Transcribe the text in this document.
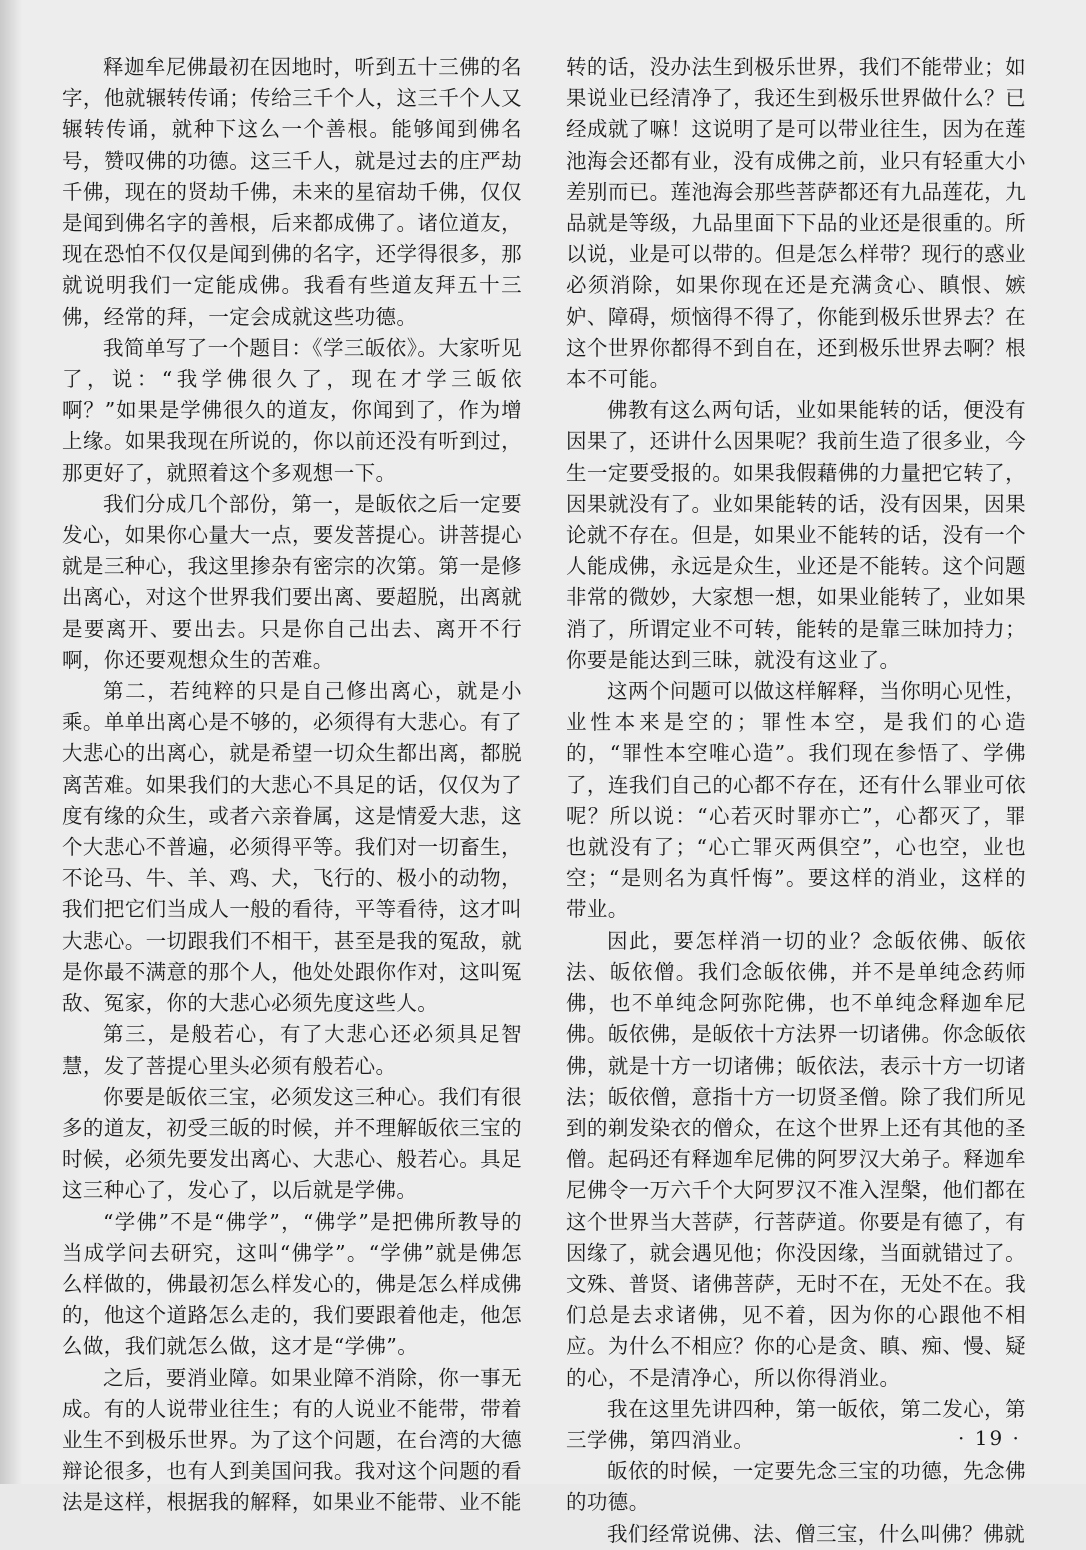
释迦牟尼佛最初在因地时，听到五十三佛的名字，他就辗转传诵；传给三千个人，这三千个人又辗转传诵，就种下这么一个善根。能够闻到佛名号，赞叹佛的功德。这三千人，就是过去的庄严劫千佛，现在的贤劫千佛，未来的星宿劫千佛，仅仅是闻到佛名字的善根，后来都成佛了。诸位道友，现在恐怕不仅仅是闻到佛的名字，还学得很多，那就说明我们一定能成佛。我看有些道友拜五十三佛，经常的拜，一定会成就这些功德。

我简单写了一个题目：《学三皈依》。大家听见了，说：“我学佛很久了，现在才学三皈依啊？”如果是学佛很久的道友，你闻到了，作为增上缘。如果我现在所说的，你以前还没有听到过，那更好了，就照着这个多观想一下。

我们分成几个部份，第一，是皈依之后一定要发心，如果你心量大一点，要发菩提心。讲菩提心就是三种心，我这里掺杂有密宗的次第。第一是修出离心，对这个世界我们要出离、要超脱，出离就是要离开、要出去。只是你自己出去、离开不行啊，你还要观想众生的苦难。

第二，若纯粹的只是自己修出离心，就是小乘。单单出离心是不够的，必须得有大悲心。有了大悲心的出离心，就是希望一切众生都出离，都脱离苦难。如果我们的大悲心不具足的话，仅仅为了度有缘的众生，或者六亲眷属，这是情爱大悲，这个大悲心不普遍，必须得平等。我们对一切畜生，不论马、牛、羊、鸡、犬，飞行的、极小的动物，我们把它们当成人一般的看待，平等看待，这才叫大悲心。一切跟我们不相干，甚至是我的冤敌，就是你最不满意的那个人，他处处跟你作对，这叫冤敌、冤家，你的大悲心必须先度这些人。

第三，是般若心，有了大悲心还必须具足智慧，发了菩提心里头必须有般若心。

你要是皈依三宝，必须发这三种心。我们有很多的道友，初受三皈的时候，并不理解皈依三宝的时候，必须先要发出离心、大悲心、般若心。具足这三种心了，发心了，以后就是学佛。

“学佛”不是“佛学”，“佛学”是把佛所教导的当成学问去研究，这叫“佛学”。“学佛”就是佛怎么样做的，佛最初怎么样发心的，佛是怎么样成佛的，他这个道路怎么走的，我们要跟着他走，他怎么做，我们就怎么做，这才是“学佛”。

之后，要消业障。如果业障不消除，你一事无成。有的人说带业往生；有的人说业不能带，带着业生不到极乐世界。为了这个问题，在台湾的大德辩论很多，也有人到美国问我。我对这个问题的看法是这样，根据我的解释，如果业不能带、业不能

转的话，没办法生到极乐世界，我们不能带业；如果说业已经清净了，我还生到极乐世界做什么？已经成就了嘛！这说明了是可以带业往生，因为在莲池海会还都有业，没有成佛之前，业只有轻重大小差别而已。莲池海会那些菩萨都还有九品莲花，九品就是等级，九品里面下下品的业还是很重的。所以说，业是可以带的。但是怎么样带？现行的惑业必须消除，如果你现在还是充满贪心、瞋恨、嫉妒、障碍，烦恼得不得了，你能到极乐世界去？在这个世界你都得不到自在，还到极乐世界去啊？根本不可能。

佛教有这么两句话，业如果能转的话，便没有因果了，还讲什么因果呢？我前生造了很多业，今生一定要受报的。如果我假藉佛的力量把它转了，因果就没有了。业如果能转的话，没有因果，因果论就不存在。但是，如果业不能转的话，没有一个人能成佛，永远是众生，业还是不能转。这个问题非常的微妙，大家想一想，如果业能转了，业如果消了，所谓定业不可转，能转的是靠三昧加持力；你要是能达到三昧，就没有这业了。

这两个问题可以做这样解释，当你明心见性，业性本来是空的；罪性本空，是我们的心造的，“罪性本空唯心造”。我们现在参悟了、学佛了，连我们自己的心都不存在，还有什么罪业可依呢？所以说：“心若灭时罪亦亡”，心都灭了，罪也就没有了；“心亡罪灭两俱空”，心也空，业也空；“是则名为真忏悔”。要这样的消业，这样的带业。

因此，要怎样消一切的业？念皈依佛、皈依法、皈依僧。我们念皈依佛，并不是单纯念药师佛，也不单纯念阿弥陀佛，也不单纯念释迦牟尼佛。皈依佛，是皈依十方法界一切诸佛。你念皈依佛，就是十方一切诸佛；皈依法，表示十方一切诸法；皈依僧，意指十方一切贤圣僧。除了我们所见到的剃发染衣的僧众，在这个世界上还有其他的圣僧。起码还有释迦牟尼佛的阿罗汉大弟子。释迦牟尼佛令一万六千个大阿罗汉不准入涅槃，他们都在这个世界当大菩萨，行菩萨道。你要是有德了，有因缘了，就会遇见他；你没因缘，当面就错过了。文殊、普贤、诸佛菩萨，无时不在，无处不在。我们总是去求诸佛，见不着，因为你的心跟他不相应。为什么不相应？你的心是贪、瞋、痴、慢、疑的心，不是清净心，所以你得消业。

我在这里先讲四种，第一皈依，第二发心，第三学佛，第四消业。

皈依的时候，一定要先念三宝的功德，先念佛的功德。

我们经常说佛、法、僧三宝，什么叫佛？佛就

· 19 ·
